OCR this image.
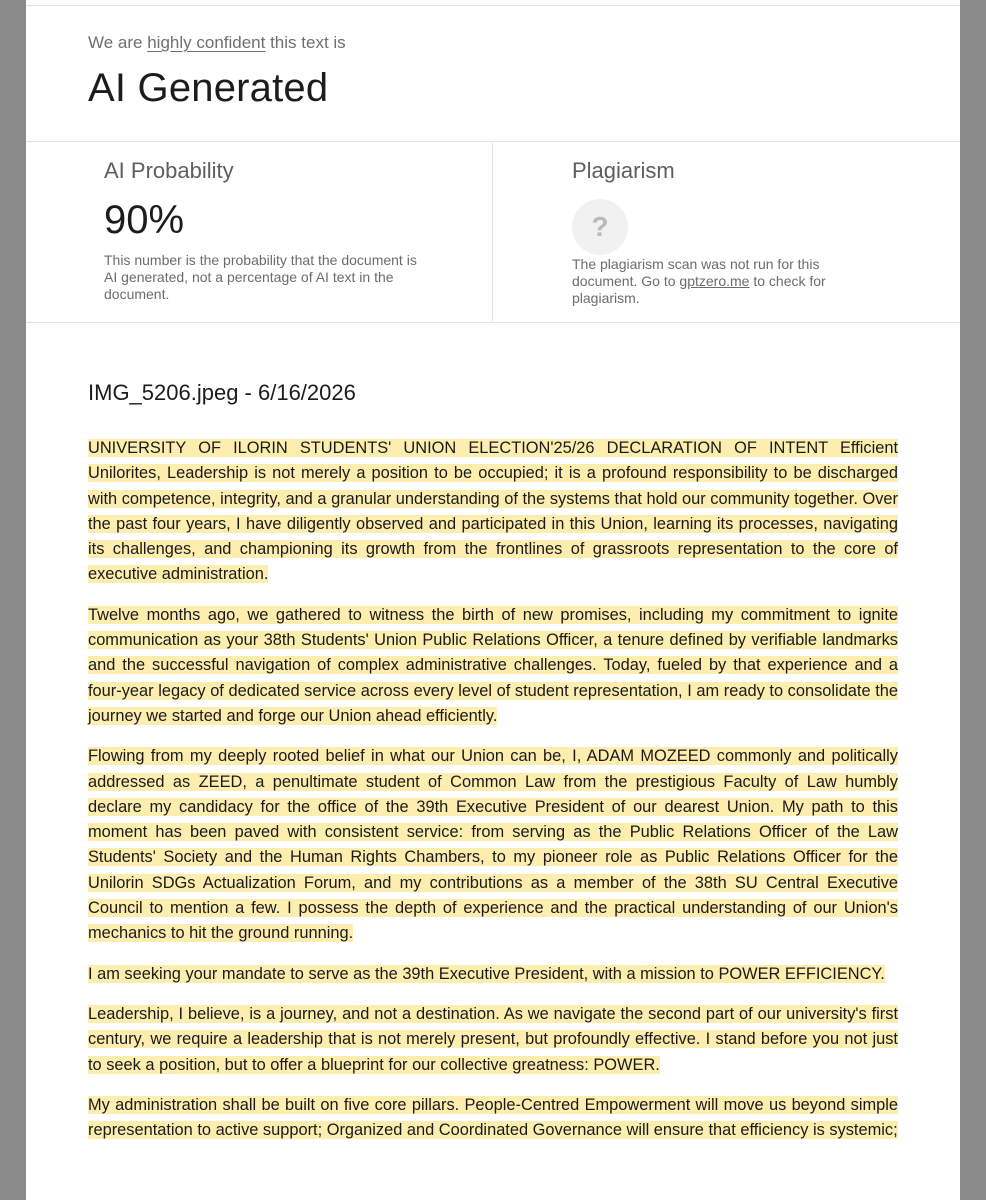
We are highly confident this text is
AI Generated
AI Probability
90%
This number is the probability that the document is AI generated, not a percentage of AI text in the document.
Plagiarism
?
The plagiarism scan was not run for this document. Go to gptzero.me to check for plagiarism.
IMG_5206.jpeg - 6/16/2026

UNIVERSITY OF ILORIN STUDENTS' UNION ELECTION'25/26 DECLARATION OF INTENT Efficient Unilorites, Leadership is not merely a position to be occupied; it is a profound responsibility to be discharged with competence, integrity, and a granular understanding of the systems that hold our community together. Over the past four years, I have diligently observed and participated in this Union, learning its processes, navigating its challenges, and championing its growth from the frontlines of grassroots representation to the core of executive administration.

Twelve months ago, we gathered to witness the birth of new promises, including my commitment to ignite communication as your 38th Students' Union Public Relations Officer, a tenure defined by verifiable landmarks and the successful navigation of complex administrative challenges. Today, fueled by that experience and a four-year legacy of dedicated service across every level of student representation, I am ready to consolidate the journey we started and forge our Union ahead efficiently.

Flowing from my deeply rooted belief in what our Union can be, I, ADAM MOZEED commonly and politically addressed as ZEED, a penultimate student of Common Law from the prestigious Faculty of Law humbly declare my candidacy for the office of the 39th Executive President of our dearest Union. My path to this moment has been paved with consistent service: from serving as the Public Relations Officer of the Law Students' Society and the Human Rights Chambers, to my pioneer role as Public Relations Officer for the Unilorin SDGs Actualization Forum, and my contributions as a member of the 38th SU Central Executive Council to mention a few. I possess the depth of experience and the practical understanding of our Union's mechanics to hit the ground running.

I am seeking your mandate to serve as the 39th Executive President, with a mission to POWER EFFICIENCY.

Leadership, I believe, is a journey, and not a destination. As we navigate the second part of our university's first century, we require a leadership that is not merely present, but profoundly effective. I stand before you not just to seek a position, but to offer a blueprint for our collective greatness: POWER.

My administration shall be built on five core pillars. People-Centred Empowerment will move us beyond simple representation to active support; Organized and Coordinated Governance will ensure that efficiency is systemic;
